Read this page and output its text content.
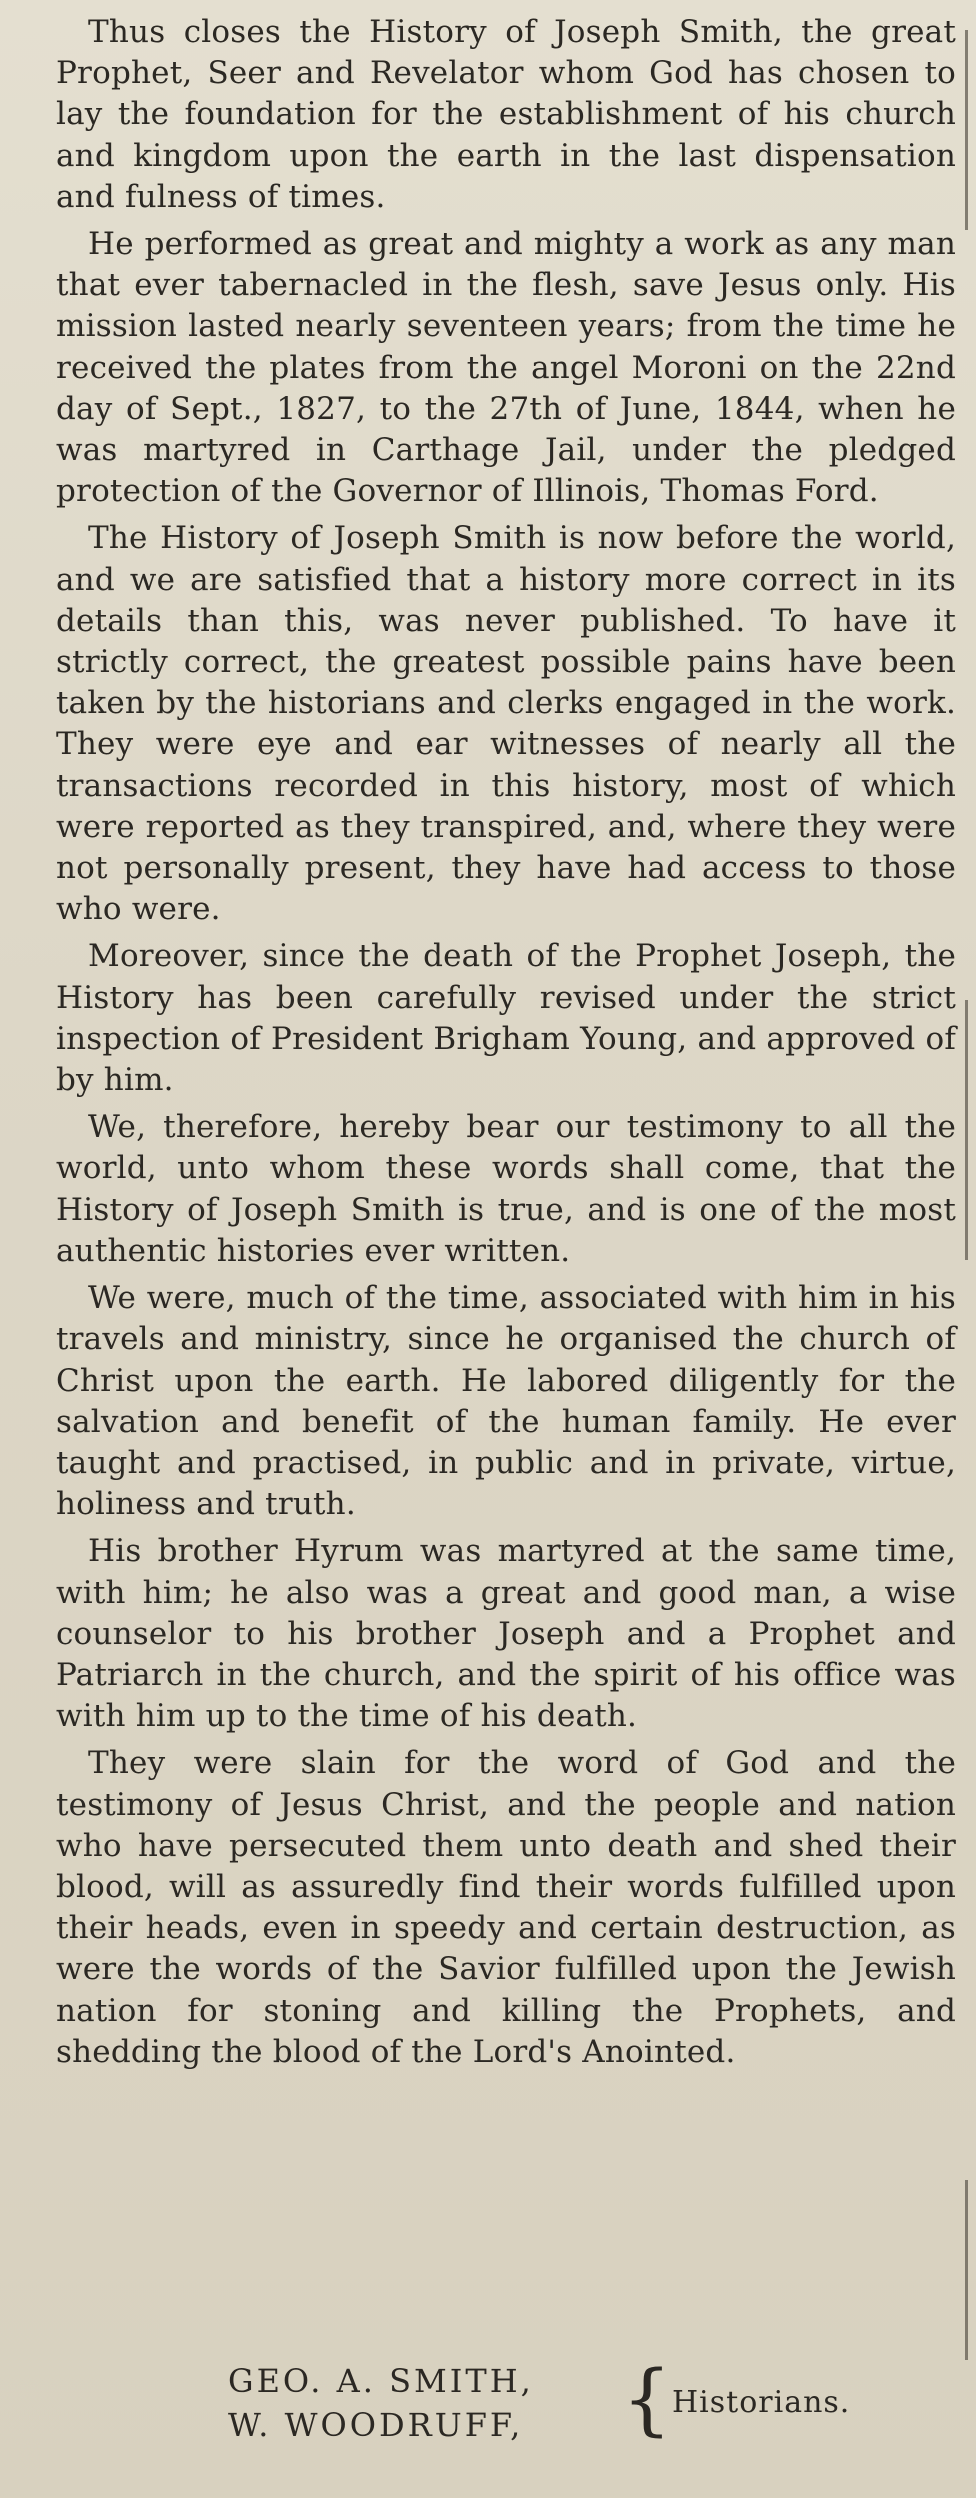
Thus closes the History of Joseph Smith, the great Prophet, Seer and Revelator whom God has chosen to lay the foundation for the establishment of his church and kingdom upon the earth in the last dispensation and fulness of times.

He performed as great and mighty a work as any man that ever tabernacled in the flesh, save Jesus only. His mission lasted nearly seventeen years; from the time he received the plates from the angel Moroni on the 22nd day of Sept., 1827, to the 27th of June, 1844, when he was martyred in Carthage Jail, under the pledged protection of the Governor of Illinois, Thomas Ford.

The History of Joseph Smith is now before the world, and we are satisfied that a history more correct in its details than this, was never published. To have it strictly correct, the greatest possible pains have been taken by the historians and clerks engaged in the work. They were eye and ear witnesses of nearly all the transactions recorded in this history, most of which were reported as they transpired, and, where they were not personally present, they have had access to those who were.

Moreover, since the death of the Prophet Joseph, the History has been carefully revised under the strict inspection of President Brigham Young, and approved of by him.

We, therefore, hereby bear our testimony to all the world, unto whom these words shall come, that the History of Joseph Smith is true, and is one of the most authentic histories ever written.

We were, much of the time, associated with him in his travels and ministry, since he organised the church of Christ upon the earth. He labored diligently for the salvation and benefit of the human family. He ever taught and practised, in public and in private, virtue, holiness and truth.

His brother Hyrum was martyred at the same time, with him; he also was a great and good man, a wise counselor to his brother Joseph and a Prophet and Patriarch in the church, and the spirit of his office was with him up to the time of his death.

They were slain for the word of God and the testimony of Jesus Christ, and the people and nation who have persecuted them unto death and shed their blood, will as assuredly find their words fulfilled upon their heads, even in speedy and certain destruction, as were the words of the Savior fulfilled upon the Jewish nation for stoning and killing the Prophets, and shedding the blood of the Lord's Anointed.

GEO. A. SMITH,
W. WOODRUFF, { Historians.
